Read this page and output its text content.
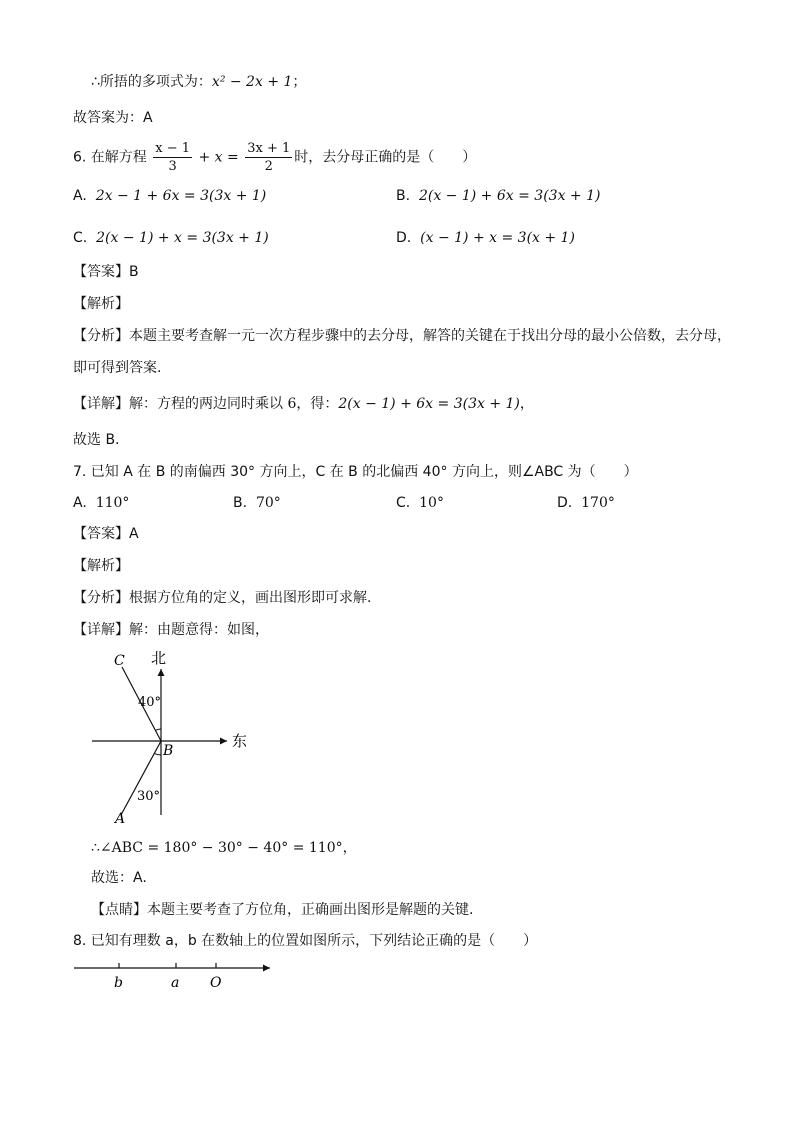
∴所捂的多项式为：x² − 2x + 1；
故答案为：A
6. 在解方程 $\frac{x - 1}{3} + x = \frac{3x + 1}{2}$ 时，去分母正确的是（　　）
A. 2x − 1 + 6x = 3(3x + 1)	B. 2(x − 1) + 6x = 3(3x + 1)
C. 2(x − 1) + x = 3(3x + 1)	D. (x − 1) + x = 3(x + 1)
【答案】B
【解析】
【分析】本题主要考查解一元一次方程步骤中的去分母，解答的关键在于找出分母的最小公倍数，去分母，
即可得到答案.
【详解】解：方程的两边同时乘以 6，得：2(x − 1) + 6x = 3(3x + 1)，
故选 B.
7. 已知 A 在 B 的南偏西 30° 方向上，C 在 B 的北偏西 40° 方向上，则∠ABC 为（　　）
A. 110°	B. 70°	C. 10°	D. 170°
【答案】A
【解析】
【分析】根据方位角的定义，画出图形即可求解.
【详解】解：由题意得：如图，
北
东
C
B
A
40°
30°
∴∠ABC = 180° − 30° − 40° = 110°，
故选：A.
【点睛】本题主要考查了方位角，正确画出图形是解题的关键.
8. 已知有理数 a，b 在数轴上的位置如图所示，下列结论正确的是（　　）
b	a O
